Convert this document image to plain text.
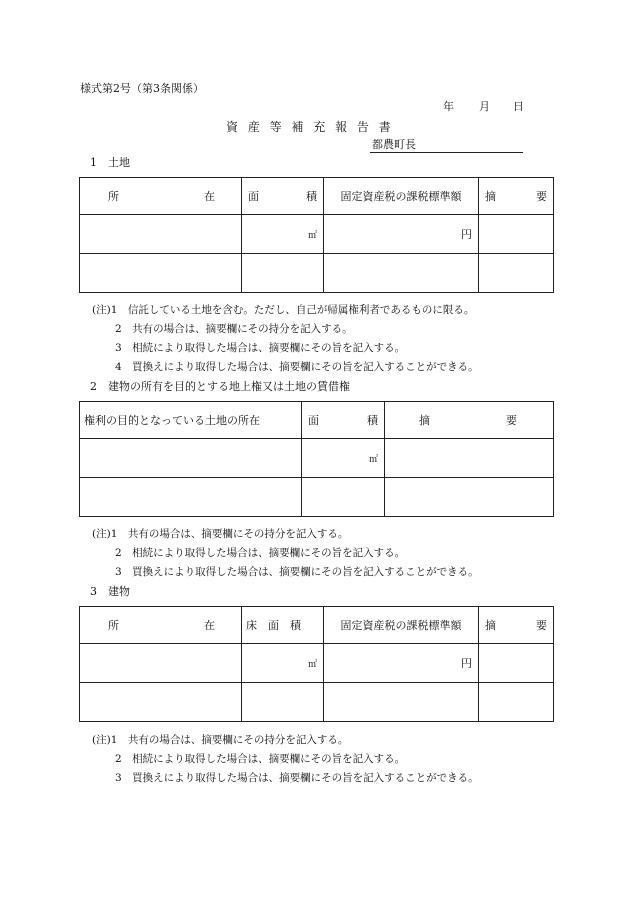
様式第2号（第3条関係）
年 月 日
資 産 等 補 充 報 告 書
都農町長
1　土地
所 在	面 積	固定資産税の課税標準額	摘 要

	㎡	円	

(注)1　信託している土地を含む。ただし、自己が帰属権利者であるものに限る。
2　共有の場合は、摘要欄にその持分を記入する。
3　相続により取得した場合は、摘要欄にその旨を記入する。
4　買換えにより取得した場合は、摘要欄にその旨を記入することができる。
2　建物の所有を目的とする地上権又は土地の賃借権
権利の目的となっている土地の所在	面 積	摘 要

	㎡	

(注)1　共有の場合は、摘要欄にその持分を記入する。
2　相続により取得した場合は、摘要欄にその旨を記入する。
3　買換えにより取得した場合は、摘要欄にその旨を記入することができる。
3　建物
所 在	床　面　積	固定資産税の課税標準額	摘 要

	㎡	円	

(注)1　共有の場合は、摘要欄にその持分を記入する。
2　相続により取得した場合は、摘要欄にその旨を記入する。
3　買換えにより取得した場合は、摘要欄にその旨を記入することができる。
